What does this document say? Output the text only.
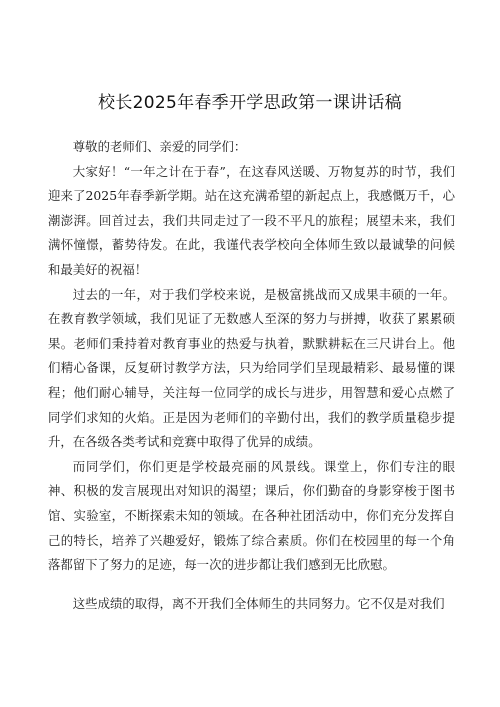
校长2025年春季开学思政第一课讲话稿

尊敬的老师们、亲爱的同学们：

大家好！“一年之计在于春”，在这春风送暖、万物复苏的时节，我们迎来了2025年春季新学期。站在这充满希望的新起点上，我感慨万千，心潮澎湃。回首过去，我们共同走过了一段不平凡的旅程；展望未来，我们满怀憧憬，蓄势待发。在此，我谨代表学校向全体师生致以最诚挚的问候和最美好的祝福！

过去的一年，对于我们学校来说，是极富挑战而又成果丰硕的一年。在教育教学领域，我们见证了无数感人至深的努力与拼搏，收获了累累硕果。老师们秉持着对教育事业的热爱与执着，默默耕耘在三尺讲台上。他们精心备课，反复研讨教学方法，只为给同学们呈现最精彩、最易懂的课程；他们耐心辅导，关注每一位同学的成长与进步，用智慧和爱心点燃了同学们求知的火焰。正是因为老师们的辛勤付出，我们的教学质量稳步提升，在各级各类考试和竞赛中取得了优异的成绩。

而同学们，你们更是学校最亮丽的风景线。课堂上，你们专注的眼神、积极的发言展现出对知识的渴望；课后，你们勤奋的身影穿梭于图书馆、实验室，不断探索未知的领域。在各种社团活动中，你们充分发挥自己的特长，培养了兴趣爱好，锻炼了综合素质。你们在校园里的每一个角落都留下了努力的足迹，每一次的进步都让我们感到无比欣慰。

这些成绩的取得，离不开我们全体师生的共同努力。它不仅是对我们
